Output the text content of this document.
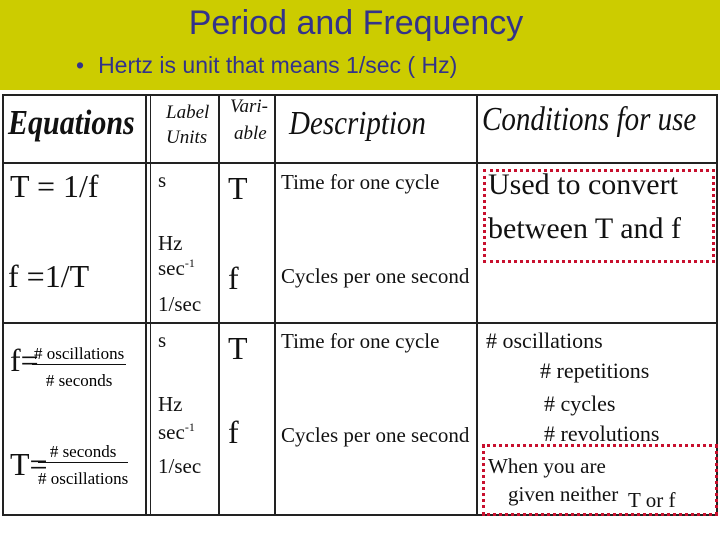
Period and Frequency
• Hertz is unit that means 1/sec ( Hz)
Equations Label
Units
Vari-
able Description Conditions for use
T = 1/f
f =1/T
s
Hz
$\sec^{-1}$
1/sec
T
f
Time for one cycle
Cycles per one second
Used to convert
between T and f
f=
# oscillations
# seconds
T= # seconds
# oscillations
s
Hz
$\sec^{-1}$
1/sec
T
f
Time for one cycle
Cycles per one second
# oscillations
# repetitions
# cycles
# revolutions
When you are
given neither T or f
